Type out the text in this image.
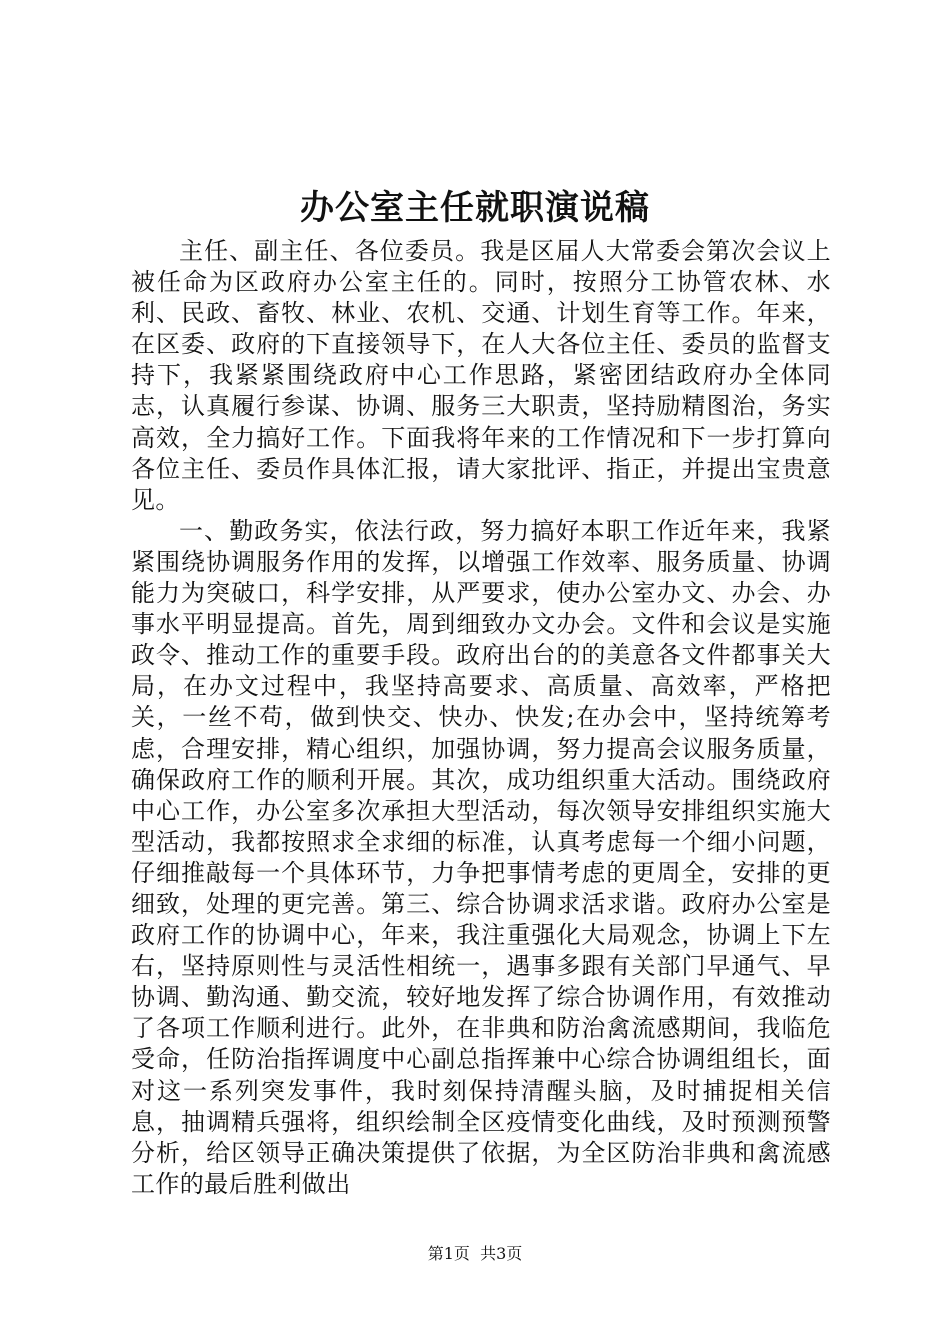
办公室主任就职演说稿

主任、副主任、各位委员。我是区届人大常委会第次会议上被任命为区政府办公室主任的。同时，按照分工协管农林、水利、民政、畜牧、林业、农机、交通、计划生育等工作。年来，在区委、政府的下直接领导下，在人大各位主任、委员的监督支持下，我紧紧围绕政府中心工作思路，紧密团结政府办全体同志，认真履行参谋、协调、服务三大职责，坚持励精图治，务实高效，全力搞好工作。下面我将年来的工作情况和下一步打算向各位主任、委员作具体汇报，请大家批评、指正，并提出宝贵意见。

一、勤政务实，依法行政，努力搞好本职工作近年来，我紧紧围绕协调服务作用的发挥，以增强工作效率、服务质量、协调能力为突破口，科学安排，从严要求，使办公室办文、办会、办事水平明显提高。首先，周到细致办文办会。文件和会议是实施政令、推动工作的重要手段。政府出台的的美意各文件都事关大局，在办文过程中，我坚持高要求、高质量、高效率，严格把关，一丝不苟，做到快交、快办、快发;在办会中，坚持统筹考虑，合理安排，精心组织，加强协调，努力提高会议服务质量，确保政府工作的顺利开展。其次，成功组织重大活动。围绕政府中心工作，办公室多次承担大型活动，每次领导安排组织实施大型活动，我都按照求全求细的标准，认真考虑每一个细小问题，仔细推敲每一个具体环节，力争把事情考虑的更周全，安排的更细致，处理的更完善。第三、综合协调求活求谐。政府办公室是政府工作的协调中心，年来，我注重强化大局观念，协调上下左右，坚持原则性与灵活性相统一，遇事多跟有关部门早通气、早协调、勤沟通、勤交流，较好地发挥了综合协调作用，有效推动了各项工作顺利进行。此外，在非典和防治禽流感期间，我临危受命，任防治指挥调度中心副总指挥兼中心综合协调组组长，面对这一系列突发事件，我时刻保持清醒头脑，及时捕捉相关信息，抽调精兵强将，组织绘制全区疫情变化曲线，及时预测预警分析，给区领导正确决策提供了依据，为全区防治非典和禽流感工作的最后胜利做出

第1页 共3页
